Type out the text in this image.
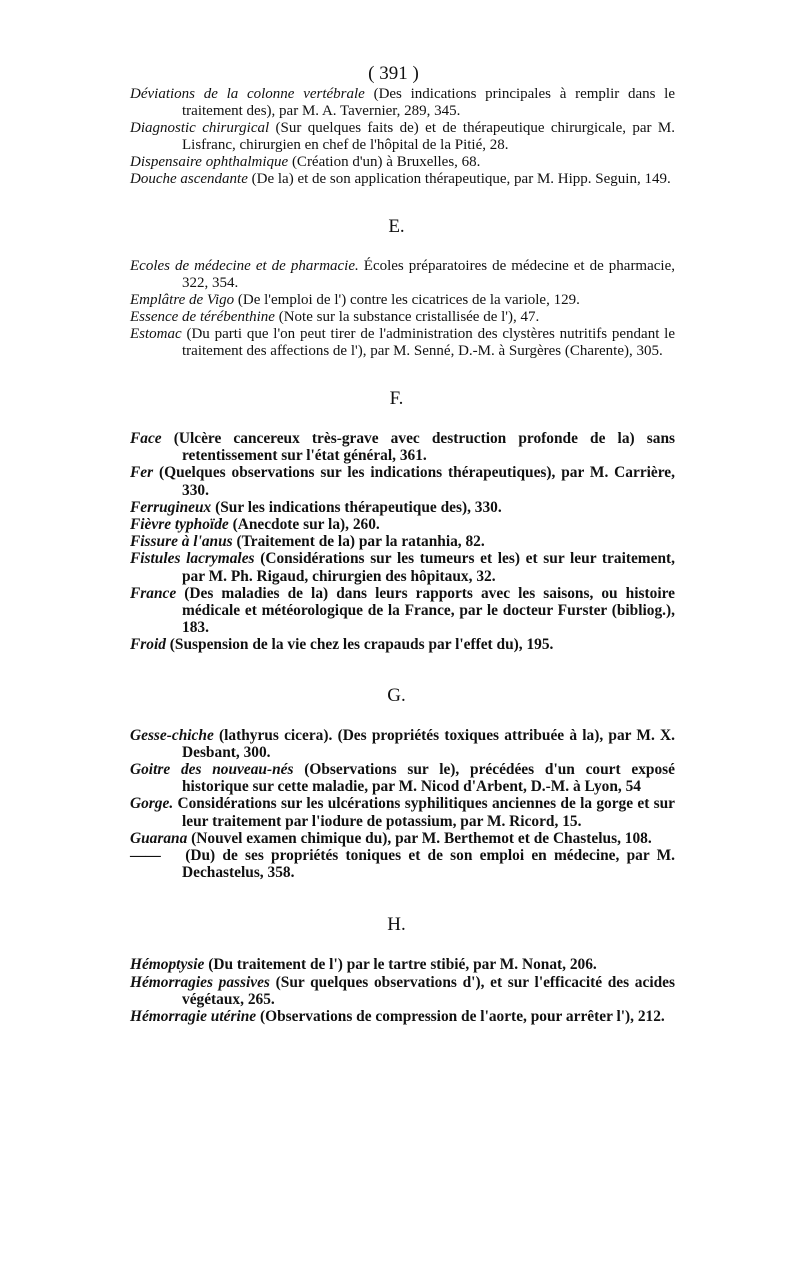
( 391 )

Déviations de la colonne vertébrale (Des indications principales à remplir dans le traitement des), par M. A. Tavernier, 289, 345.

Diagnostic chirurgical (Sur quelques faits de) et de thérapeutique chirurgicale, par M. Lisfranc, chirurgien en chef de l'hôpital de la Pitié, 28.

Dispensaire ophthalmique (Création d'un) à Bruxelles, 68.

Douche ascendante (De la) et de son application thérapeutique, par M. Hipp. Seguin, 149.

E.

Ecoles de médecine et de pharmacie. Écoles préparatoires de médecine et de pharmacie, 322, 354.

Emplâtre de Vigo (De l'emploi de l') contre les cicatrices de la variole, 129.

Essence de térébenthine (Note sur la substance cristallisée de l'), 47.

Estomac (Du parti que l'on peut tirer de l'administration des clystères nutritifs pendant le traitement des affections de l'), par M. Senné, D.-M. à Surgères (Charente), 305.

F.

Face (Ulcère cancereux très-grave avec destruction profonde de la) sans retentissement sur l'état général, 361.

Fer (Quelques observations sur les indications thérapeutiques), par M. Carrière, 330.

Ferrugineux (Sur les indications thérapeutique des), 330.

Fièvre typhoïde (Anecdote sur la), 260.

Fissure à l'anus (Traitement de la) par la ratanhia, 82.

Fistules lacrymales (Considérations sur les tumeurs et les) et sur leur traitement, par M. Ph. Rigaud, chirurgien des hôpitaux, 32.

France (Des maladies de la) dans leurs rapports avec les saisons, ou histoire médicale et météorologique de la France, par le docteur Furster (bibliog.), 183.

Froid (Suspension de la vie chez les crapauds par l'effet du), 195.

G.

Gesse-chiche (lathyrus cicera). (Des propriétés toxiques attribuée à la), par M. X. Desbant, 300.

Goitre des nouveau-nés (Observations sur le), précédées d'un court exposé historique sur cette maladie, par M. Nicod d'Arbent, D.-M. à Lyon, 54

Gorge. Considérations sur les ulcérations syphilitiques anciennes de la gorge et sur leur traitement par l'iodure de potassium, par M. Ricord, 15.

Guarana (Nouvel examen chimique du), par M. Berthemot et de Chastelus, 108.

—— (Du) de ses propriétés toniques et de son emploi en médecine, par M. Dechastelus, 358.

H.

Hémoptysie (Du traitement de l') par le tartre stibié, par M. Nonat, 206.

Hémorragies passives (Sur quelques observations d'), et sur l'efficacité des acides végétaux, 265.

Hémorragie utérine (Observations de compression de l'aorte, pour arrêter l'), 212.
